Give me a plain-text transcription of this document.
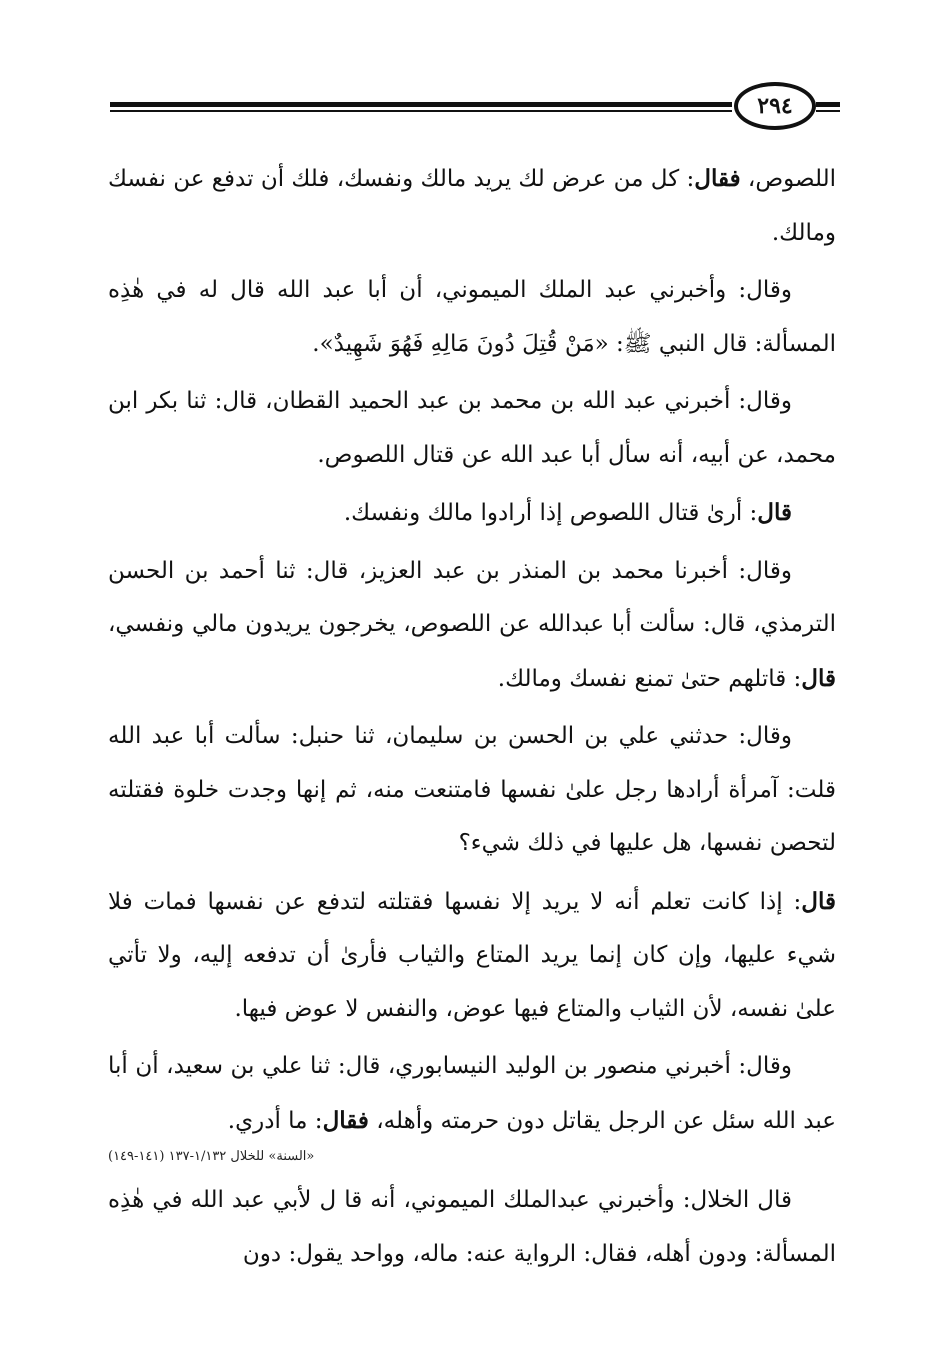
٢٩٤

اللصوص، فقال: كل من عرض لك يريد مالك ونفسك، فلك أن تدفع عن نفسك ومالك.

وقال: وأخبرني عبد الملك الميموني، أن أبا عبد الله قال له في هٰذِه المسألة: قال النبي ﷺ: «مَنْ قُتِلَ دُونَ مَالِهِ فَهُوَ شَهِيدٌ».

وقال: أخبرني عبد الله بن محمد بن عبد الحميد القطان، قال: ثنا بكر ابن محمد، عن أبيه، أنه سأل أبا عبد الله عن قتال اللصوص.

قال: أرىٰ قتال اللصوص إذا أرادوا مالك ونفسك.

وقال: أخبرنا محمد بن المنذر بن عبد العزيز، قال: ثنا أحمد بن الحسن الترمذي، قال: سألت أبا عبدالله عن اللصوص، يخرجون يريدون مالي ونفسي، قال: قاتلهم حتىٰ تمنع نفسك ومالك.

وقال: حدثني علي بن الحسن بن سليمان، ثنا حنبل: سألت أبا عبد الله قلت: آمرأة أرادها رجل علىٰ نفسها فامتنعت منه، ثم إنها وجدت خلوة فقتلته لتحصن نفسها، هل عليها في ذلك شيء؟

قال: إذا كانت تعلم أنه لا يريد إلا نفسها فقتلته لتدفع عن نفسها فمات فلا شيء عليها، وإن كان إنما يريد المتاع والثياب فأرىٰ أن تدفعه إليه، ولا تأتي علىٰ نفسه، لأن الثياب والمتاع فيها عوض، والنفس لا عوض فيها.

وقال: أخبرني منصور بن الوليد النيسابوري، قال: ثنا علي بن سعيد، أن أبا عبد الله سئل عن الرجل يقاتل دون حرمته وأهله، فقال: ما أدري.

«السنة» للخلال ١/١٣٢-١٣٧ (١٤١-١٤٩)

قال الخلال: وأخبرني عبدالملك الميموني، أنه قا ل لأبي عبد الله في هٰذِه المسألة: ودون أهله، فقال: الرواية عنه: ماله، وواحد يقول: دون
